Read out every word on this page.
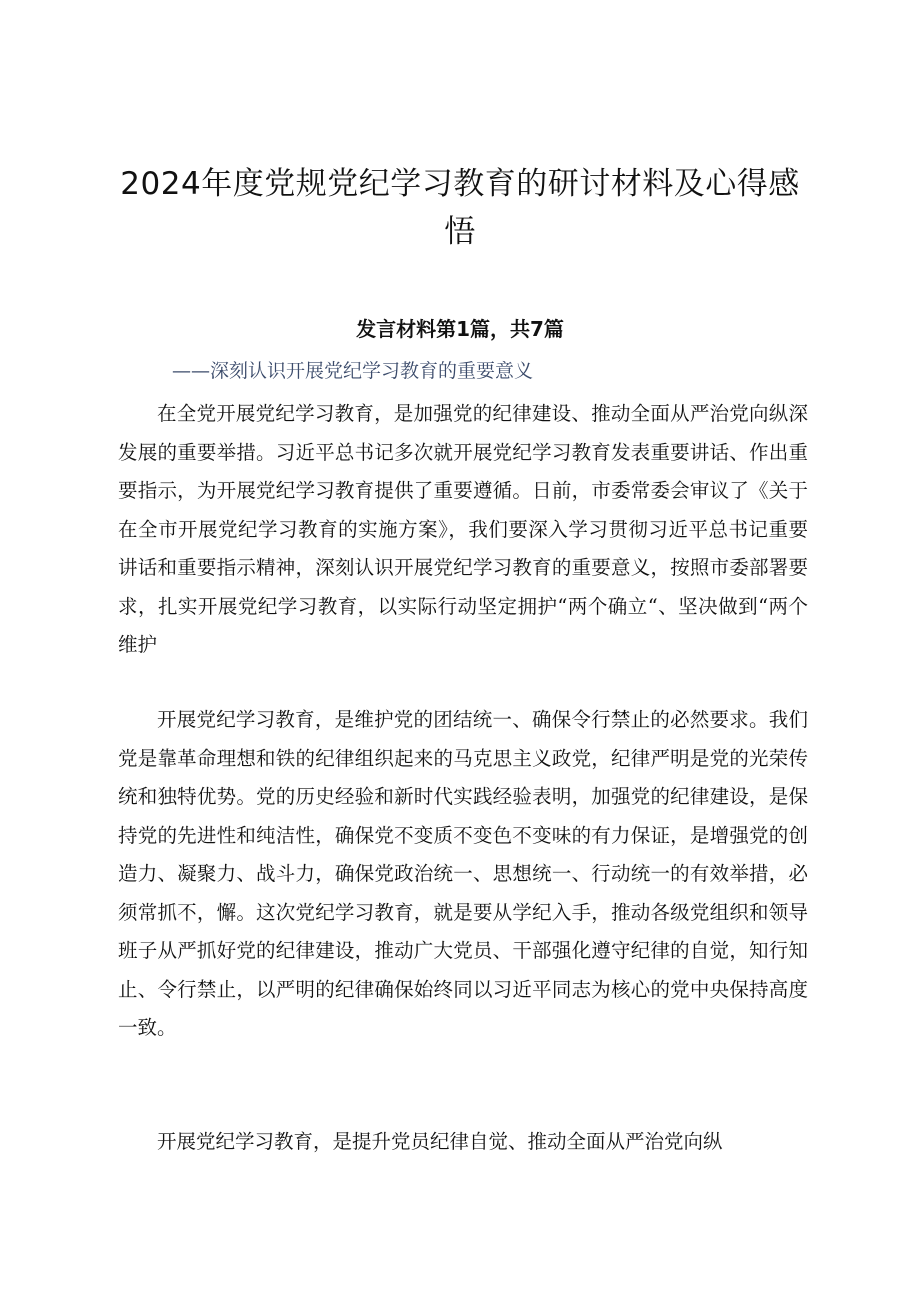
2024年度党规党纪学习教育的研讨材料及心得感悟
发言材料第1篇，共7篇
——深刻认识开展党纪学习教育的重要意义

在全党开展党纪学习教育，是加强党的纪律建设、推动全面从严治党向纵深发展的重要举措。习近平总书记多次就开展党纪学习教育发表重要讲话、作出重要指示，为开展党纪学习教育提供了重要遵循。日前，市委常委会审议了《关于在全市开展党纪学习教育的实施方案》，我们要深入学习贯彻习近平总书记重要讲话和重要指示精神，深刻认识开展党纪学习教育的重要意义，按照市委部署要求，扎实开展党纪学习教育，以实际行动坚定拥护“两个确立“、坚决做到“两个维护

开展党纪学习教育，是维护党的团结统一、确保令行禁止的必然要求。我们党是靠革命理想和铁的纪律组织起来的马克思主义政党，纪律严明是党的光荣传统和独特优势。党的历史经验和新时代实践经验表明，加强党的纪律建设，是保持党的先进性和纯洁性，确保党不变质不变色不变味的有力保证，是增强党的创造力、凝聚力、战斗力，确保党政治统一、思想统一、行动统一的有效举措，必须常抓不，懈。这次党纪学习教育，就是要从学纪入手，推动各级党组织和领导班子从严抓好党的纪律建设，推动广大党员、干部强化遵守纪律的自觉，知行知止、令行禁止，以严明的纪律确保始终同以习近平同志为核心的党中央保持高度一致。

开展党纪学习教育，是提升党员纪律自觉、推动全面从严治党向纵
